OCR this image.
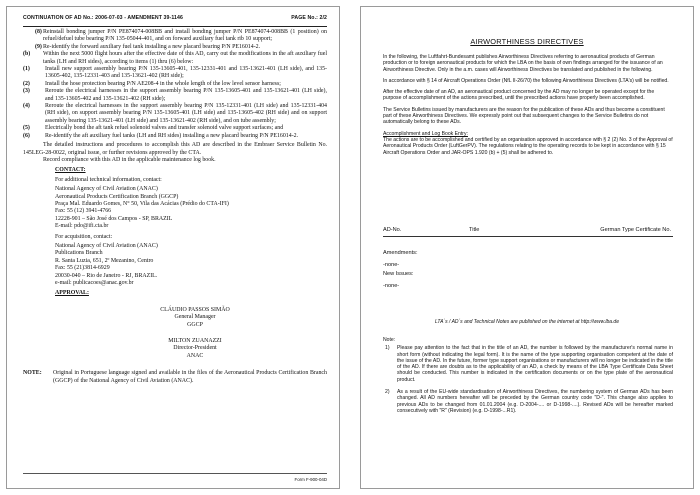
CONTINUATION OF AD No.: 2006-07-03 - AMENDMENT 39-1146	PAGE No.: 2/2

(8) Reinstall bonding jumper P/N PE874074-008BB and install bonding jumper P/N PE874074-008BB (1 position) on refuel/defuel tube bearing P/N 135-05044-401, and on forward auxiliary fuel tank rib 10 support;

(9) Re-identify the forward auxiliary fuel tank installing a new placard bearing P/N PE16014-2.

(b) Within the next 5000 flight hours after the effective date of this AD, carry out the modifications in the aft auxiliary fuel tanks (LH and RH sides), according to items (1) thru (6) below:

(1)	Install new support assembly bearing P/N 135-13605-401, 135-12331-401 and 135-13621-401 (LH side), and 135-13605-402, 135-12331-403 and 135-13621-402 (RH side);

(2)	Install the hose protection bearing P/N AE208-4 in the whole length of the low level sensor harness;

(3)	Reroute the electrical harnesses in the support assembly bearing P/N 135-13605-401 and 135-13621-401 (LH side), and 135-13605-402 and 135-13621-402 (RH side);

(4)	Reroute the electrical harnesses in the support assembly bearing P/N 135-12331-401 (LH side) and 135-12331-404 (RH side), on support assembly bearing P/N 135-13605-401 (LH side) and 135-13605-402 (RH side) and on support assembly bearing 135-13621-401 (LH side) and 135-13621-402 (RH side), and on tube assembly;

(5)	Electrically bond the aft tank refuel solenoid valves and transfer solenoid valve support surfaces; and

(6)	Re-identify the aft auxiliary fuel tanks (LH and RH sides) installing a new placard bearing P/N PE16014-2.

The detailed instructions and procedures to accomplish this AD are described in the Embraer Service Bulletin No. 145LEG-28-0022, original issue, or further revisions approved by the CTA.

Record compliance with this AD in the applicable maintenance log book.

CONTACT:

For additional technical information, contact:

National Agency of Civil Aviation (ANAC)

Aeronautical Products Certification Branch (GGCP)

Praça Mal. Eduardo Gomes, N° 50, Vila das Acácias (Prédio do CTA-IFI)

Fax: 55 (12) 3941-4766

12228-901 – São José dos Campos - SP, BRAZIL

E-mail: pdo@ifi.cta.br

For acquisition, contact:

National Agency of Civil Aviation (ANAC)

Publications Branch

R. Santa Luzia, 651, 2º Mezanino, Centro

Fax: 55 (21)3814-6929

20030-040 – Rio de Janeiro - RJ, BRAZIL.

e-mail: publicacoes@anac.gov.br

APPROVAL:

CLÁUDIO PASSOS SIMÃO

General Manager

GGCP

MILTON ZUANAZZI

Director-President

ANAC

NOTE: Original in Portuguese language signed and available in the files of the Aeronautical Products Certification Branch (GGCP) of the National Agency of Civil Aviation (ANAC).

Form F-900-04D
AIRWORTHINESS DIRECTIVES

In the following, the Luftfahrt-Bundesamt publishes Airworthiness Directives referring to aeronautical products of German production or to foreign aeronautical products for which the LBA on the basis of own findings arranged for the issuance of an Airworthiness Directive. Only in the a.m. cases will Airworthiness Directives be translated and published in the following.

In accordance with § 14 of Aircraft Operations Order (NfL II-26/70) the following Airworthiness Directives (LTA's) will be notified.

After the effective date of an AD, an aeronautical product concerned by the AD may no longer be operated except for the purpose of accomplishment of the actions prescribed, until the prescribed actions have properly been accomplished.

The Service Bulletins issued by manufacturers are the reason for the publication of these ADs and thus become a constituent part of these Airworthiness Directives. We expressly point out that subsequent changes to the Service Bulletins do not automatically belong to these ADs.

Accomplishment and Log Book Entry:

The actions are to be accomplished and certified by an organisation approved in accordance with § 2 (2) No. 3 of the Approval of Aeronautical Products Order (LuftGerPV). The regulations relating to the operating records to be kept in accordance with § 15 Aircraft Operations Order and JAR-OPS 1.920 (b) + (5) shall be adhered to.

AD-No.	Title	German Type Certificate No.

Amendments:

-none-

New Issues:

-none-

LTA´s / AD´s and Technical Notes are published on the internet at http://www.lba.de

Note:

1) Please pay attention to the fact that in the title of an AD, the number is followed by the manufacturer's normal name in short form (without indicating the legal form). It is the name of the type supporting organisation competent at the date of the issue of the AD. In the future, former type support organisations or manufacturers will no longer be indicated in the title of the AD. If there are doubts as to the applicability of an AD, a check by means of the LBA Type Certificate Data Sheet should be conducted. This number is indicated in the certification documents or on the type plate of the aeronautical product.

2) As a result of the EU-wide standardisation of Airworthiness Directives, the numbering system of German ADs has been changed. All AD numbers hereafter will be preceded by the German country code "D-". This change also applies to previous ADs to be changed from 01.01.2004 (e.g. D-2004-.... or D-1998-....). Revised ADs will be hereafter marked consecutively with "R" (Revision) (e.g. D-1998-...R1).
